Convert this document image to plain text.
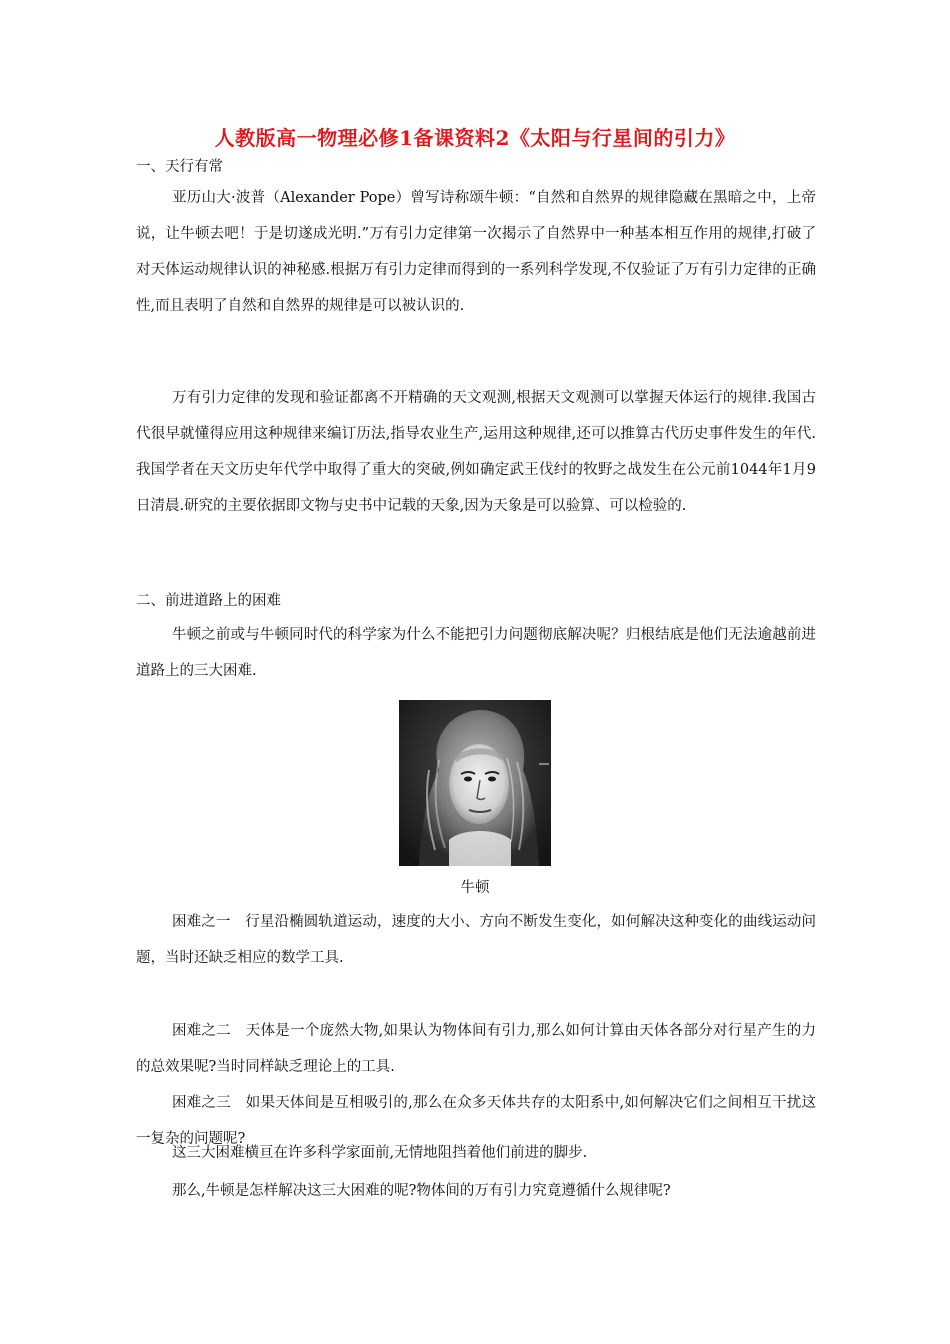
人教版高一物理必修1备课资料2《太阳与行星间的引力》
一、天行有常

亚历山大·波普（Alexander Pope）曾写诗称颂牛顿：“自然和自然界的规律隐藏在黑暗之中，上帝说，让牛顿去吧！于是切遂成光明.”万有引力定律第一次揭示了自然界中一种基本相互作用的规律,打破了对天体运动规律认识的神秘感.根据万有引力定律而得到的一系列科学发现,不仅验证了万有引力定律的正确性,而且表明了自然和自然界的规律是可以被认识的.

万有引力定律的发现和验证都离不开精确的天文观测,根据天文观测可以掌握天体运行的规律.我国古代很早就懂得应用这种规律来编订历法,指导农业生产,运用这种规律,还可以推算古代历史事件发生的年代.我国学者在天文历史年代学中取得了重大的突破,例如确定武王伐纣的牧野之战发生在公元前1044年1月9日清晨.研究的主要依据即文物与史书中记载的天象,因为天象是可以验算、可以检验的.

二、前进道路上的困难

牛顿之前或与牛顿同时代的科学家为什么不能把引力问题彻底解决呢？归根结底是他们无法逾越前进道路上的三大困难.

牛顿

困难之一　行星沿椭圆轨道运动，速度的大小、方向不断发生变化，如何解决这种变化的曲线运动问题，当时还缺乏相应的数学工具.

困难之二　天体是一个庞然大物,如果认为物体间有引力,那么如何计算由天体各部分对行星产生的力的总效果呢?当时同样缺乏理论上的工具.

困难之三　如果天体间是互相吸引的,那么在众多天体共存的太阳系中,如何解决它们之间相互干扰这一复杂的问题呢?

这三大困难横亘在许多科学家面前,无情地阻挡着他们前进的脚步.

那么,牛顿是怎样解决这三大困难的呢?物体间的万有引力究竟遵循什么规律呢?
